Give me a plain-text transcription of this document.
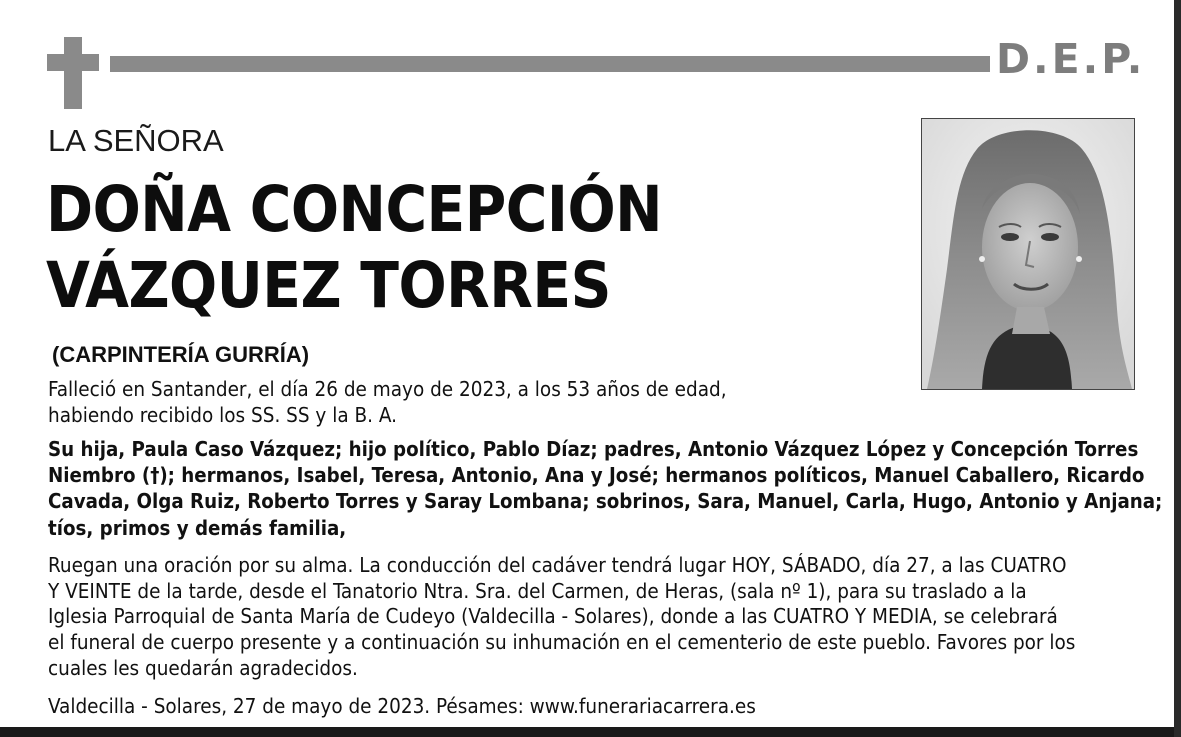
D.E.P.
LA SEÑORA
DOÑA CONCEPCIÓN
VÁZQUEZ TORRES
(CARPINTERÍA GURRÍA)
Falleció en Santander, el día 26 de mayo de 2023, a los 53 años de edad,
habiendo recibido los SS. SS y la B. A.
Su hija, Paula Caso Vázquez; hijo político, Pablo Díaz; padres, Antonio Vázquez López y Concepción Torres
Niembro (†); hermanos, Isabel, Teresa, Antonio, Ana y José; hermanos políticos, Manuel Caballero, Ricardo
Cavada, Olga Ruiz, Roberto Torres y Saray Lombana; sobrinos, Sara, Manuel, Carla, Hugo, Antonio y Anjana;
tíos, primos y demás familia,
Ruegan una oración por su alma. La conducción del cadáver tendrá lugar HOY, SÁBADO, día 27, a las CUATRO
Y VEINTE de la tarde, desde el Tanatorio Ntra. Sra. del Carmen, de Heras, (sala nº 1), para su traslado a la
Iglesia Parroquial de Santa María de Cudeyo (Valdecilla - Solares), donde a las CUATRO Y MEDIA, se celebrará
el funeral de cuerpo presente y a continuación su inhumación en el cementerio de este pueblo. Favores por los
cuales les quedarán agradecidos.
Valdecilla - Solares, 27 de mayo de 2023. Pésames: www.funerariacarrera.es
